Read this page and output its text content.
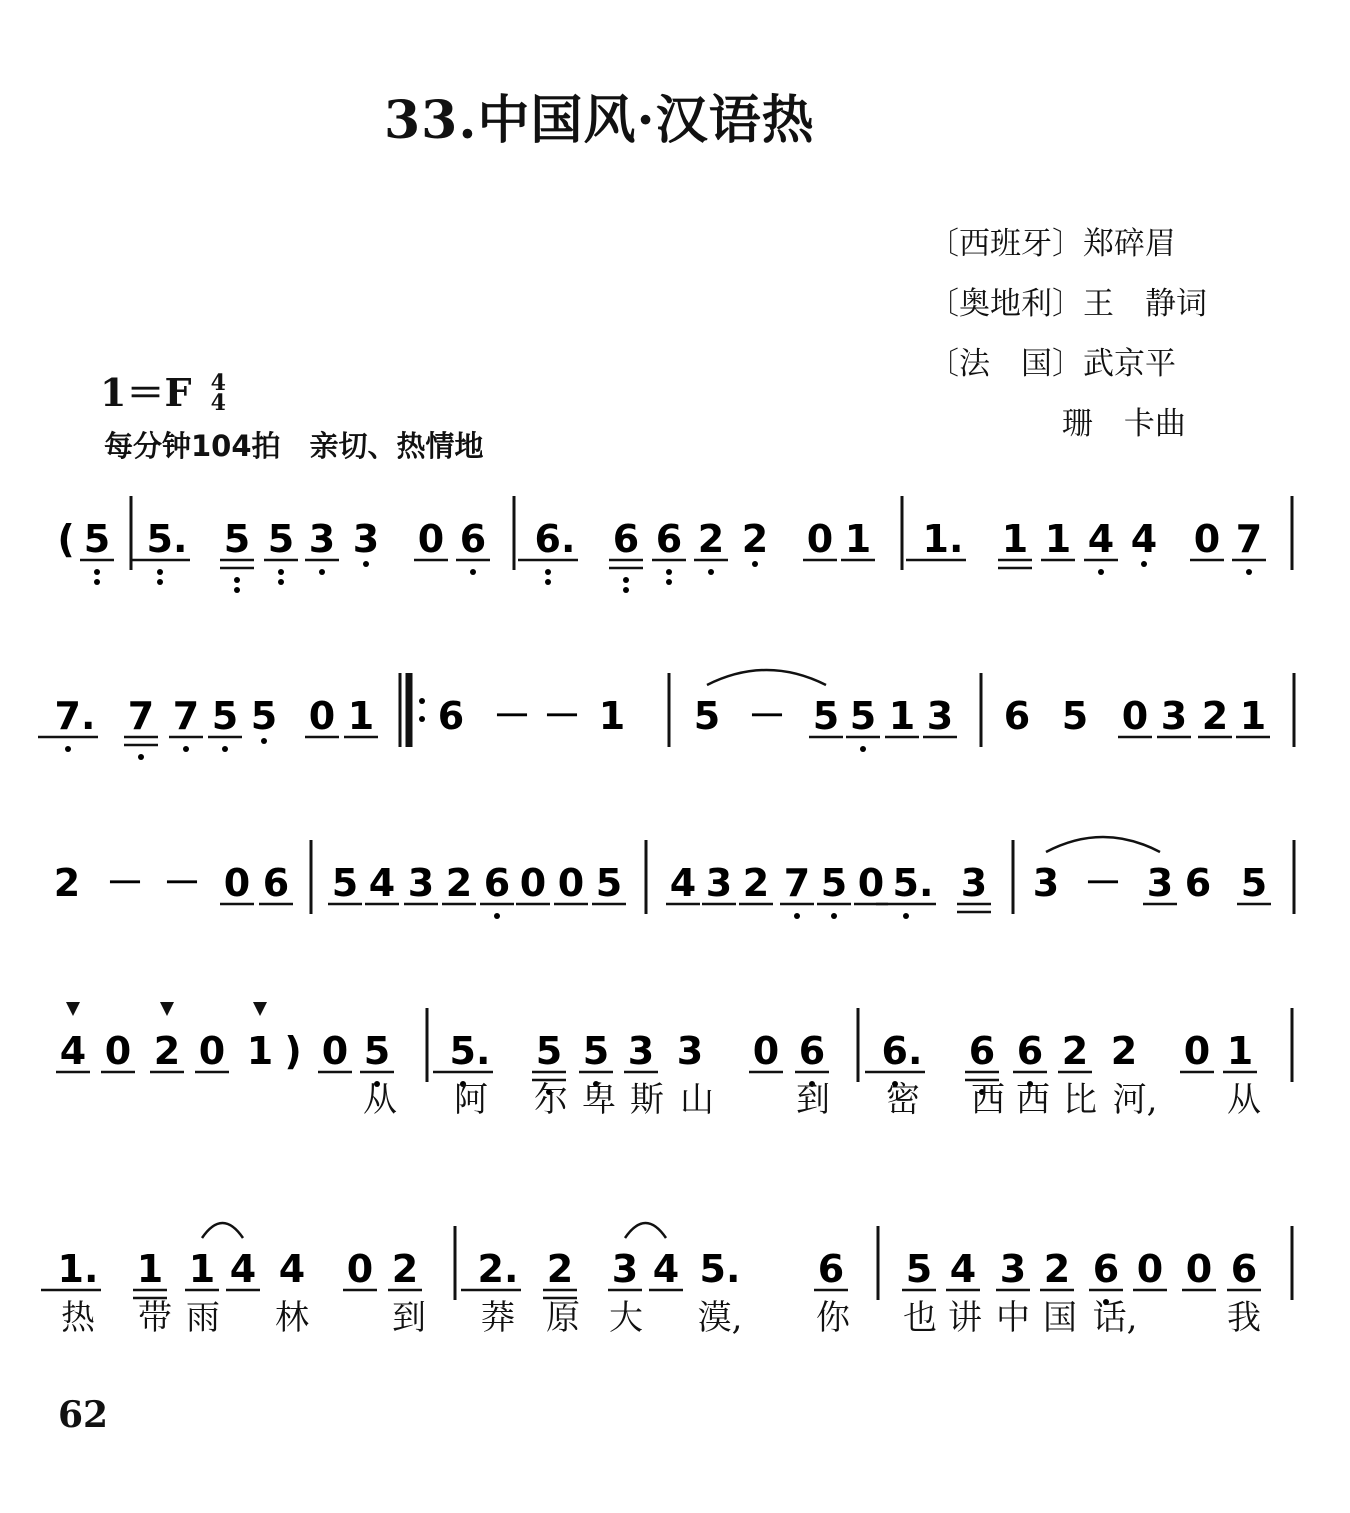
33.中国风·汉语热
〔西班牙〕郑碎眉
〔奥地利〕王　静词
〔法　国〕武京平
　　　　 珊　卡曲
1＝F 4
4
每分钟104拍　亲切、热情地
( 5 5. 5 5 3 3 0 6 6. 6 6 2 2 0 1 1. 1 1 4 4 0 7
7. 7 7 5 5 0 1 6 － － 1 5 － 5 5 1 3 6 5 0 3 2 1
2 － － 0 6 5 4 3 2 6 0 0 5 4 3 2 7 5 0 5. 3 3 － 3 6 5
4 0 2 0 1 ) 0 5 5. 5 5 3 3 0 6 6. 6 6 2 2 0 1
1. 1 1 4 4 0 2 2. 2 3 4 5. 6 5 4 3 2 6 0 0 6
从 阿 尔 卑 斯 山 到 密 西 西 比 河, 从
热 带 雨 林 到 莽 原 大 漠, 你 也 讲 中 国 话,	我
62
